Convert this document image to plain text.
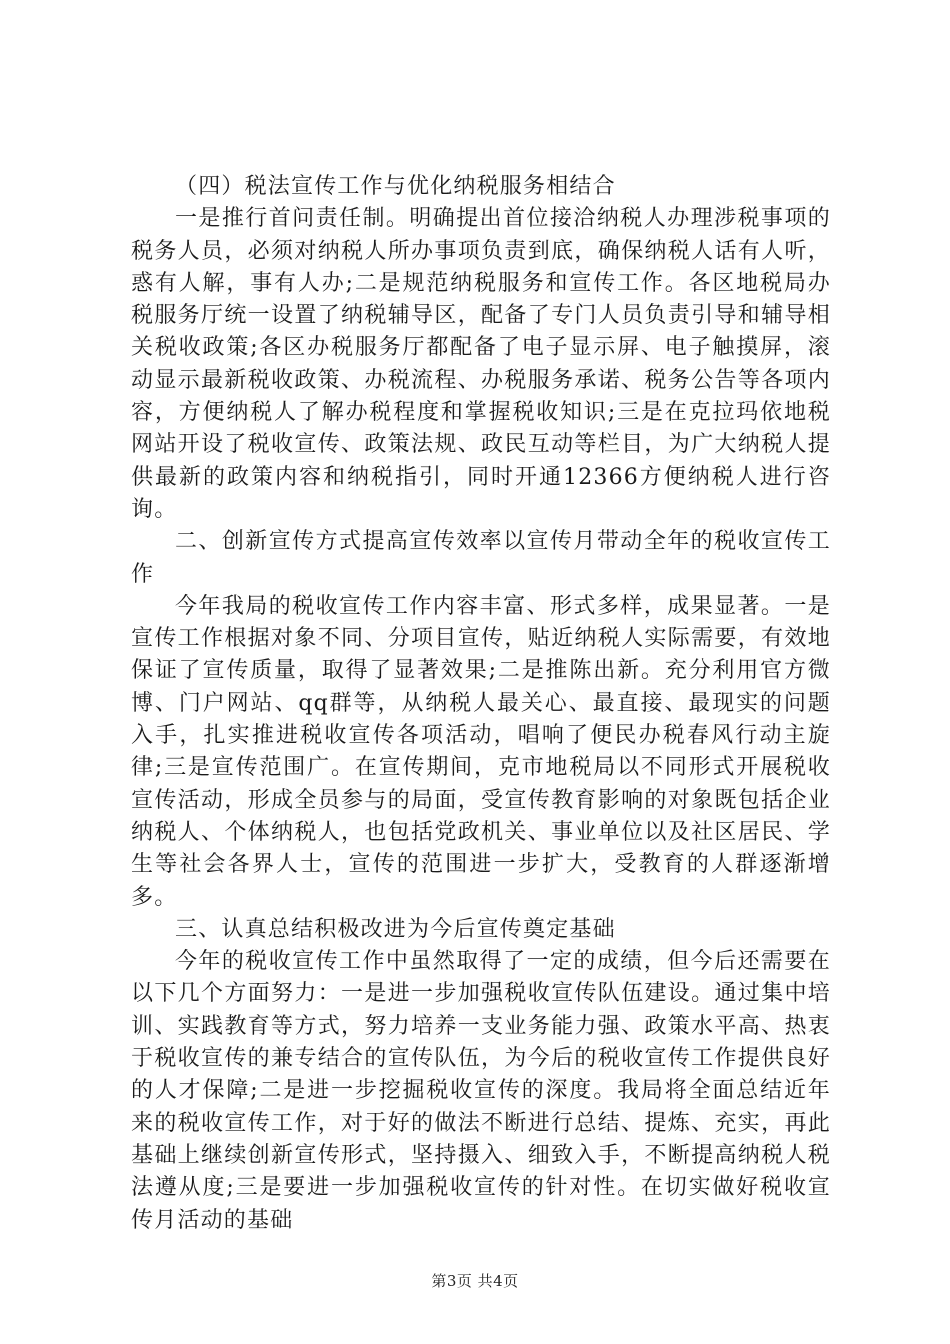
（四）税法宣传工作与优化纳税服务相结合

一是推行首问责任制。明确提出首位接洽纳税人办理涉税事项的税务人员，必须对纳税人所办事项负责到底，确保纳税人话有人听，惑有人解，事有人办;二是规范纳税服务和宣传工作。各区地税局办税服务厅统一设置了纳税辅导区，配备了专门人员负责引导和辅导相关税收政策;各区办税服务厅都配备了电子显示屏、电子触摸屏，滚动显示最新税收政策、办税流程、办税服务承诺、税务公告等各项内容，方便纳税人了解办税程度和掌握税收知识;三是在克拉玛依地税网站开设了税收宣传、政策法规、政民互动等栏目，为广大纳税人提供最新的政策内容和纳税指引，同时开通12366方便纳税人进行咨询。

二、创新宣传方式提高宣传效率以宣传月带动全年的税收宣传工作

今年我局的税收宣传工作内容丰富、形式多样，成果显著。一是宣传工作根据对象不同、分项目宣传，贴近纳税人实际需要，有效地保证了宣传质量，取得了显著效果;二是推陈出新。充分利用官方微博、门户网站、qq群等，从纳税人最关心、最直接、最现实的问题入手，扎实推进税收宣传各项活动，唱响了便民办税春风行动主旋律;三是宣传范围广。在宣传期间，克市地税局以不同形式开展税收宣传活动，形成全员参与的局面，受宣传教育影响的对象既包括企业纳税人、个体纳税人，也包括党政机关、事业单位以及社区居民、学生等社会各界人士，宣传的范围进一步扩大，受教育的人群逐渐增多。

三、认真总结积极改进为今后宣传奠定基础

今年的税收宣传工作中虽然取得了一定的成绩，但今后还需要在以下几个方面努力：一是进一步加强税收宣传队伍建设。通过集中培训、实践教育等方式，努力培养一支业务能力强、政策水平高、热衷于税收宣传的兼专结合的宣传队伍，为今后的税收宣传工作提供良好的人才保障;二是进一步挖掘税收宣传的深度。我局将全面总结近年来的税收宣传工作，对于好的做法不断进行总结、提炼、充实，再此基础上继续创新宣传形式，坚持摄入、细致入手，不断提高纳税人税法遵从度;三是要进一步加强税收宣传的针对性。在切实做好税收宣传月活动的基础

第3页 共4页
